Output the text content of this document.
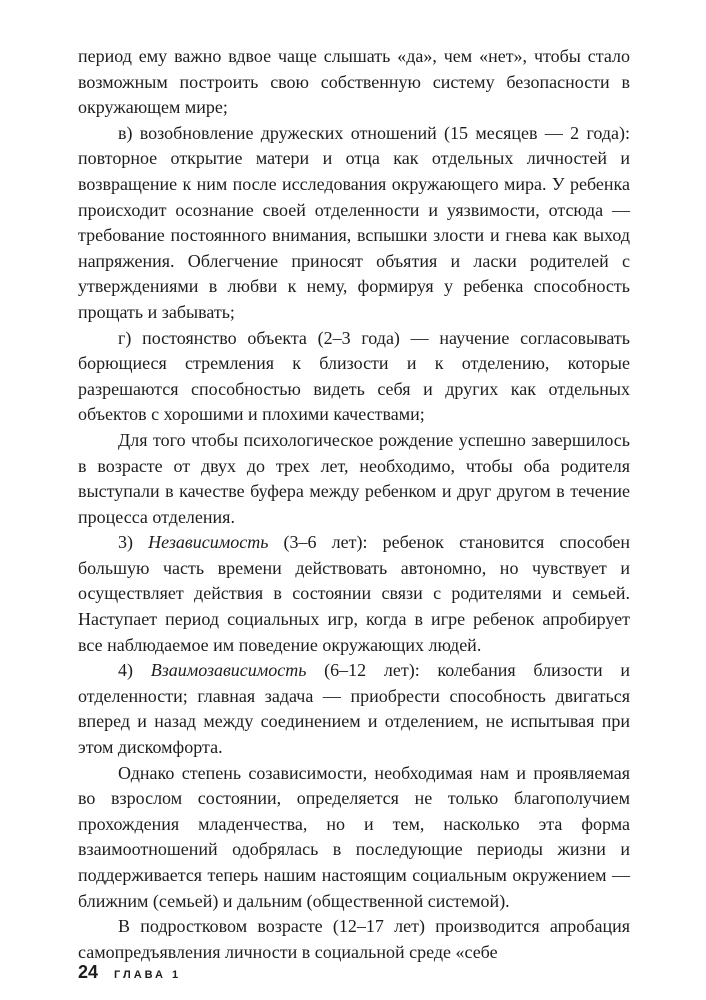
период ему важно вдвое чаще слышать «да», чем «нет», чтобы стало возможным построить свою собственную систему безопасности в окружающем мире;

в) возобновление дружеских отношений (15 месяцев — 2 года): повторное открытие матери и отца как отдельных личностей и возвращение к ним после исследования окружающего мира. У ребенка происходит осознание своей отделенности и уязвимости, отсюда — требование постоянного внимания, вспышки злости и гнева как выход напряжения. Облегчение приносят объятия и ласки родителей с утверждениями в любви к нему, формируя у ребенка способность прощать и забывать;

г) постоянство объекта (2–3 года) — научение согласовывать борющиеся стремления к близости и к отделению, которые разрешаются способностью видеть себя и других как отдельных объектов с хорошими и плохими качествами;

Для того чтобы психологическое рождение успешно завершилось в возрасте от двух до трех лет, необходимо, чтобы оба родителя выступали в качестве буфера между ребенком и друг другом в течение процесса отделения.

3) Независимость (3–6 лет): ребенок становится способен большую часть времени действовать автономно, но чувствует и осуществляет действия в состоянии связи с родителями и семьей. Наступает период социальных игр, когда в игре ребенок апробирует все наблюдаемое им поведение окружающих людей.

4) Взаимозависимость (6–12 лет): колебания близости и отделенности; главная задача — приобрести способность двигаться вперед и назад между соединением и отделением, не испытывая при этом дискомфорта.

Однако степень созависимости, необходимая нам и проявляемая во взрослом состоянии, определяется не только благополучием прохождения младенчества, но и тем, насколько эта форма взаимоотношений одобрялась в последующие периоды жизни и поддерживается теперь нашим настоящим социальным окружением — ближним (семьей) и дальним (общественной системой).

В подростковом возрасте (12–17 лет) производится апробация самопредъявления личности в социальной среде «себе

24 ГЛАВА 1
